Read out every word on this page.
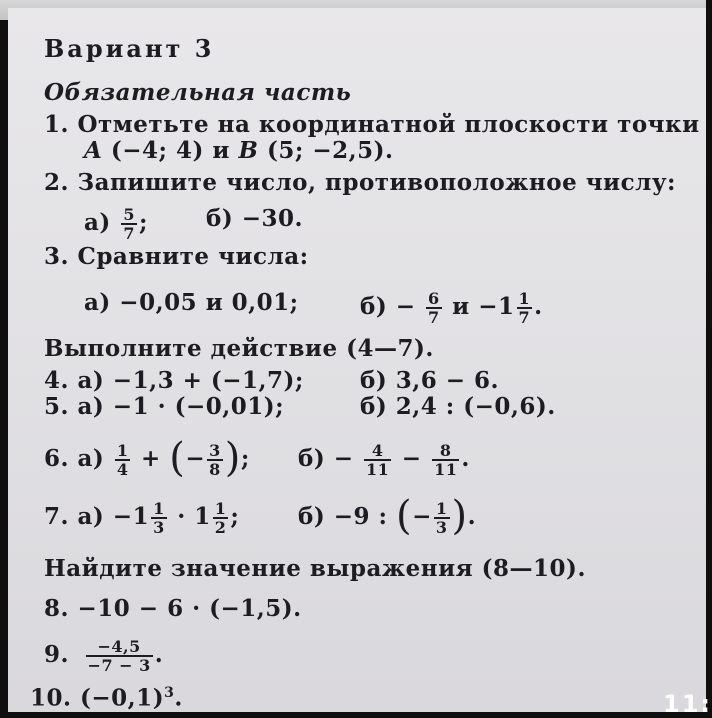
Вариант 3
Обязательная часть
1. Отметьте на координатной плоскости точки
A (−4; 4) и B (5; −2,5).
2. Запишите число, противоположное числу:
$а) \frac{5}{7}$ ;	б) −30.
3. Сравните числа:
а) −0,05 и 0,01;	$б) - \frac{6}{7}$ $и -1 \frac{1}{7}$ .
Выполните действие (4—7).
4. а) −1,3 + (−1,7); б) 3,6 − 6.
5. а) −1 · (−0,01);	б) 2,4 : (−0,6).
6. $а) \frac{1}{4}$ + (− $\frac{3}{8}$ ); $б) - \frac{4}{11} - \frac{8}{11}$ .
7. $а) -1 \frac{1}{3} \cdot 1 \frac{1}{2}$ ;	б) −9 : (− $\frac{1}{3}$ ).
Найдите значение выражения (8—10).
8. −10 − 6 · (−1,5).
9. $\frac{-4,5}{-7 - 3}$ .
10. $(-0,1)^3$.	11:
